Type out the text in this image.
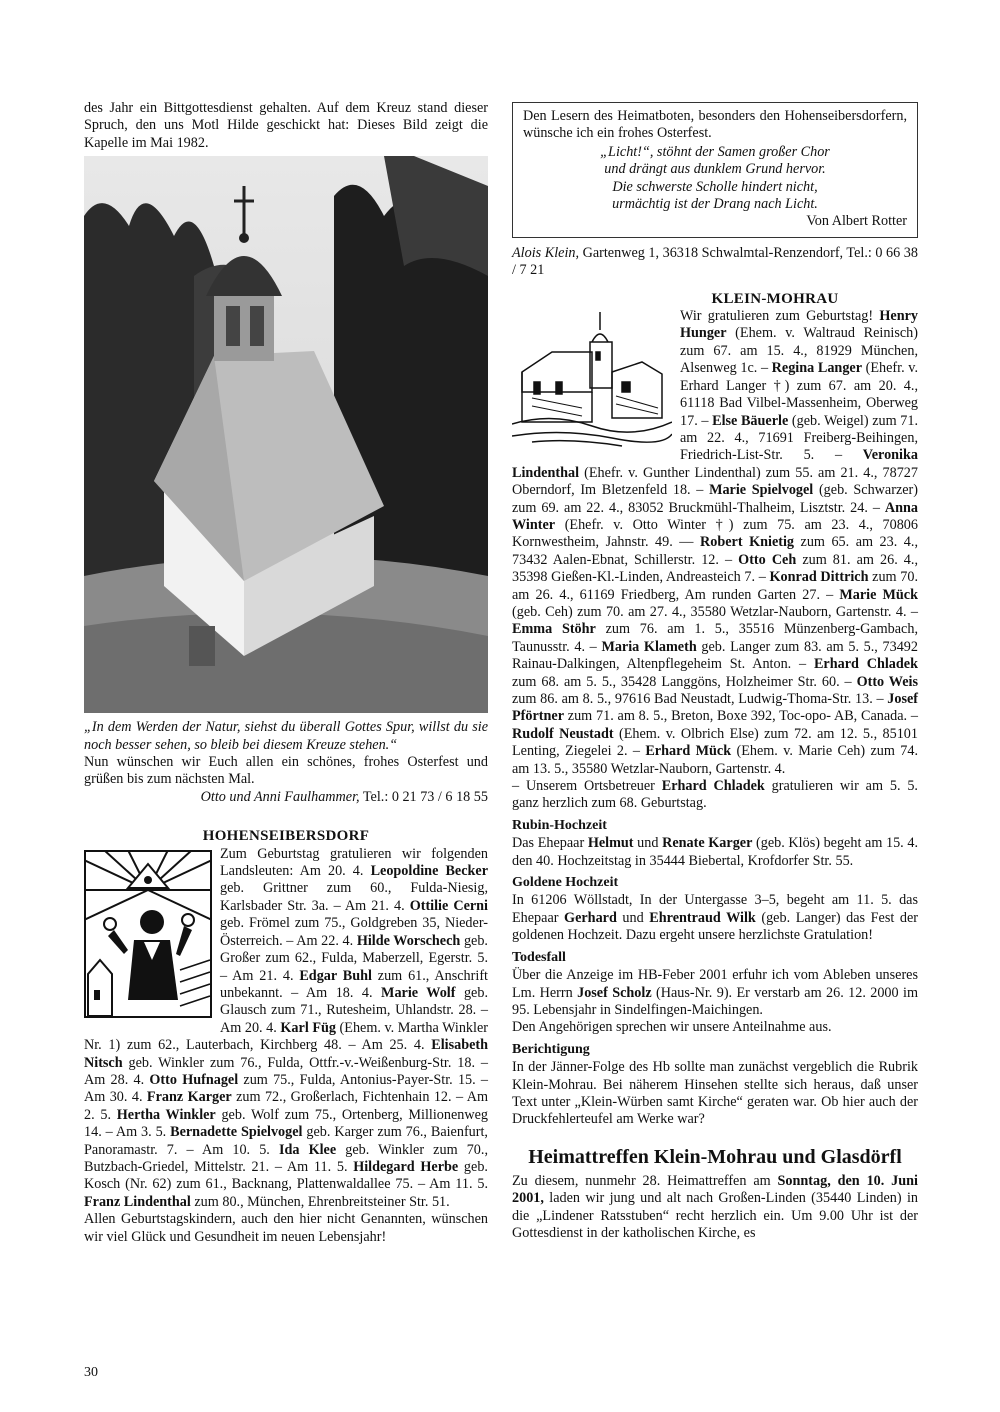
des Jahr ein Bittgottesdienst gehalten. Auf dem Kreuz stand dieser Spruch, den uns Motl Hilde geschickt hat: Dieses Bild zeigt die Kapelle im Mai 1982.

„In dem Werden der Natur, siehst du überall Gottes Spur, willst du sie noch besser sehen, so bleib bei diesem Kreuze stehen.“

Nun wünschen wir Euch allen ein schönes, frohes Osterfest und grüßen bis zum nächsten Mal.

Otto und Anni Faulhammer, Tel.: 0 21 73 / 6 18 55

HOHENSEIBERSDORF

Zum Geburtstag gratulieren wir folgenden Landsleuten: Am 20. 4. Leopoldine Becker geb. Grittner zum 60., Fulda-Niesig, Karlsbader Str. 3a. – Am 21. 4. Ottilie Cerni geb. Frömel zum 75., Goldgreben 35, Nieder-Österreich. – Am 22. 4. Hilde Worschech geb. Großer zum 62., Fulda, Maberzell, Egerstr. 5. – Am 21. 4. Edgar Buhl zum 61., Anschrift unbekannt. – Am 18. 4. Marie Wolf geb. Glausch zum 71., Rutesheim, Uhlandstr. 28. – Am 20. 4. Karl Füg (Ehem. v. Martha Winkler Nr. 1) zum 62., Lauterbach, Kirchberg 48. – Am 25. 4. Elisabeth Nitsch geb. Winkler zum 76., Fulda, Ottfr.-v.-Weißenburg-Str. 18. – Am 28. 4. Otto Hufnagel zum 75., Fulda, Antonius-Payer-Str. 15. – Am 30. 4. Franz Karger zum 72., Großerlach, Fichtenhain 12. – Am 2. 5. Hertha Winkler geb. Wolf zum 75., Ortenberg, Millionenweg 14. – Am 3. 5. Bernadette Spielvogel geb. Karger zum 76., Baienfurt, Panoramastr. 7. – Am 10. 5. Ida Klee geb. Winkler zum 70., Butzbach-Griedel, Mittelstr. 21. – Am 11. 5. Hildegard Herbe geb. Kosch (Nr. 62) zum 61., Backnang, Plattenwaldallee 75. – Am 11. 5. Franz Lindenthal zum 80., München, Ehrenbreitsteiner Str. 51.

Allen Geburtstagskindern, auch den hier nicht Genannten, wünschen wir viel Glück und Gesundheit im neuen Lebensjahr!

Den Lesern des Heimatboten, besonders den Hohenseibersdorfern, wünsche ich ein frohes Osterfest.

„Licht!“, stöhnt der Samen großer Chor
und drängt aus dunklem Grund hervor.
Die schwerste Scholle hindert nicht,
urmächtig ist der Drang nach Licht.

Von Albert Rotter

Alois Klein, Gartenweg 1, 36318 Schwalmtal-Renzendorf, Tel.: 0 66 38 / 7 21

KLEIN-MOHRAU

Wir gratulieren zum Geburtstag! Henry Hunger (Ehem. v. Waltraud Reinisch) zum 67. am 15. 4., 81929 München, Alsenweg 1c. – Regina Langer (Ehefr. v. Erhard Langer †) zum 67. am 20. 4., 61118 Bad Vilbel-Massenheim, Oberweg 17. – Else Bäuerle (geb. Weigel) zum 71. am 22. 4., 71691 Freiberg-Beihingen, Friedrich-List-Str. 5. – Veronika Lindenthal (Ehefr. v. Gunther Lindenthal) zum 55. am 21. 4., 78727 Oberndorf, Im Bletzenfeld 18. – Marie Spielvogel (geb. Schwarzer) zum 69. am 22. 4., 83052 Bruckmühl-Thalheim, Lisztstr. 24. – Anna Winter (Ehefr. v. Otto Winter †) zum 75. am 23. 4., 70806 Kornwestheim, Jahnstr. 49. — Robert Knietig zum 65. am 23. 4., 73432 Aalen-Ebnat, Schillerstr. 12. – Otto Ceh zum 81. am 26. 4., 35398 Gießen-Kl.-Linden, Andreasteich 7. – Konrad Dittrich zum 70. am 26. 4., 61169 Friedberg, Am runden Garten 27. – Marie Mück (geb. Ceh) zum 70. am 27. 4., 35580 Wetzlar-Nauborn, Gartenstr. 4. – Emma Stöhr zum 76. am 1. 5., 35516 Münzenberg-Gambach, Taunusstr. 4. – Maria Klameth geb. Langer zum 83. am 5. 5., 73492 Rainau-Dalkingen, Altenpflegeheim St. Anton. – Erhard Chladek zum 68. am 5. 5., 35428 Langgöns, Holzheimer Str. 60. – Otto Weis zum 86. am 8. 5., 97616 Bad Neustadt, Ludwig-Thoma-Str. 13. – Josef Pförtner zum 71. am 8. 5., Breton, Boxe 392, Toc-opo- AB, Canada. – Rudolf Neustadt (Ehem. v. Olbrich Else) zum 72. am 12. 5., 85101 Lenting, Ziegelei 2. – Erhard Mück (Ehem. v. Marie Ceh) zum 74. am 13. 5., 35580 Wetzlar-Nauborn, Gartenstr. 4.

– Unserem Ortsbetreuer Erhard Chladek gratulieren wir am 5. 5. ganz herzlich zum 68. Geburtstag.

Rubin-Hochzeit

Das Ehepaar Helmut und Renate Karger (geb. Klös) begeht am 15. 4. den 40. Hochzeitstag in 35444 Biebertal, Krofdorfer Str. 55.

Goldene Hochzeit

In 61206 Wöllstadt, In der Untergasse 3–5, begeht am 11. 5. das Ehepaar Gerhard und Ehrentraud Wilk (geb. Langer) das Fest der goldenen Hochzeit. Dazu ergeht unsere herzlichste Gratulation!

Todesfall

Über die Anzeige im HB-Feber 2001 erfuhr ich vom Ableben unseres Lm. Herrn Josef Scholz (Haus-Nr. 9). Er verstarb am 26. 12. 2000 im 95. Lebensjahr in Sindelfingen-Maichingen.

Den Angehörigen sprechen wir unsere Anteilnahme aus.

Berichtigung

In der Jänner-Folge des Hb sollte man zunächst vergeblich die Rubrik Klein-Mohrau. Bei näherem Hinsehen stellte sich heraus, daß unser Text unter „Klein-Würben samt Kirche“ geraten war. Ob hier auch der Druckfehlerteufel am Werke war?

Heimattreffen Klein-Mohrau und Glasdörfl

Zu diesem, nunmehr 28. Heimattreffen am Sonntag, den 10. Juni 2001, laden wir jung und alt nach Großen-Linden (35440 Linden) in die „Lindener Ratsstuben“ recht herzlich ein. Um 9.00 Uhr ist der Gottesdienst in der katholischen Kirche, es

30
